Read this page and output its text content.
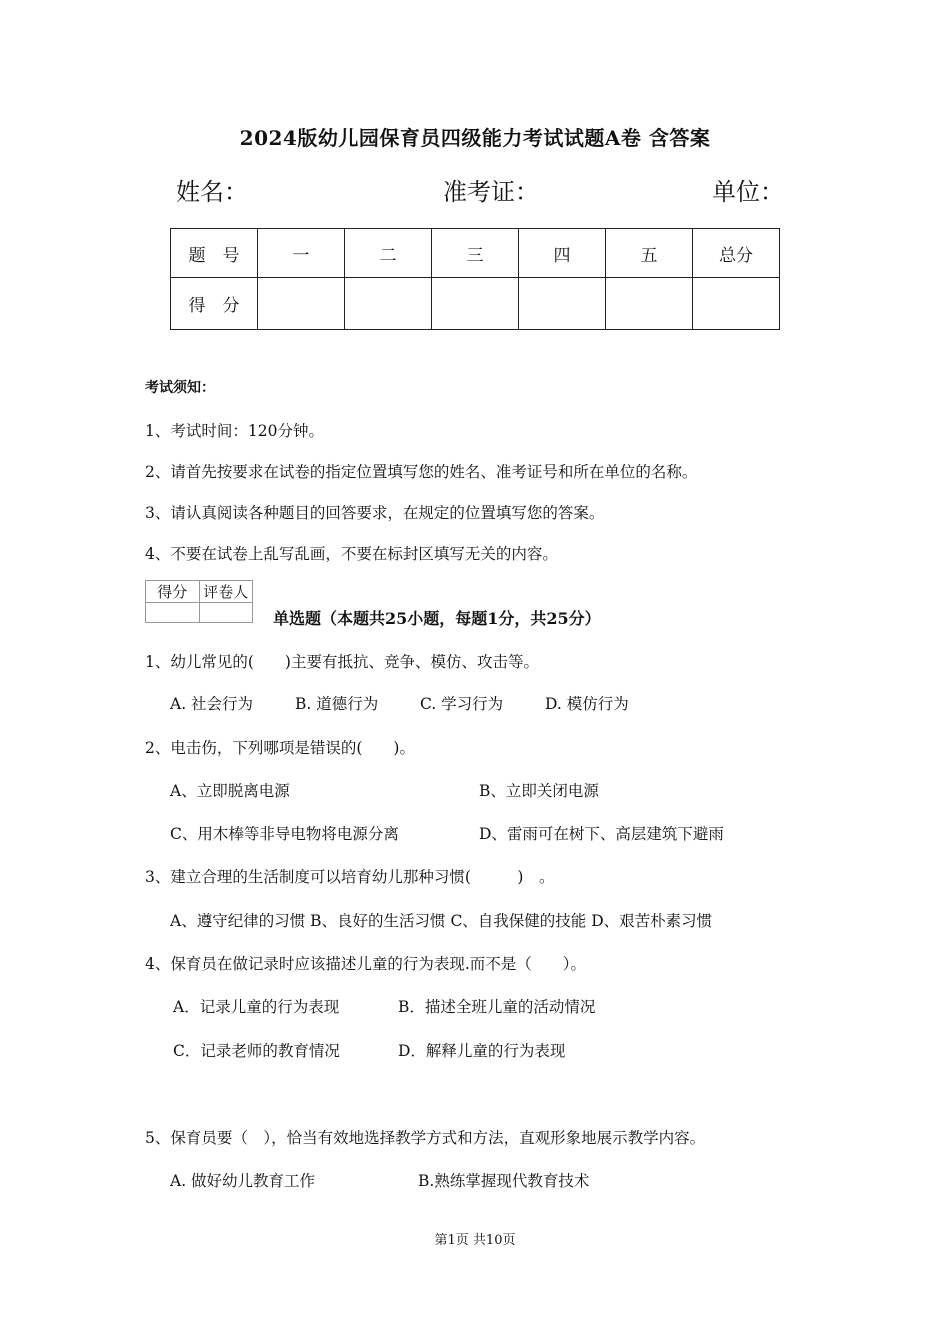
2024版幼儿园保育员四级能力考试试题A卷 含答案
姓名：	准考证：	单位：
题　号	一	二	三	四	五	总分
得　分						
考试须知：
1、考试时间：120分钟。
2、请首先按要求在试卷的指定位置填写您的姓名、准考证号和所在单位的名称。
3、请认真阅读各种题目的回答要求，在规定的位置填写您的答案。
4、不要在试卷上乱写乱画，不要在标封区填写无关的内容。
得分	评卷人

单选题（本题共25小题，每题1分，共25分）
1、幼儿常见的(　　)主要有抵抗、竞争、模仿、攻击等。
A. 社会行为	B. 道德行为	C. 学习行为	D. 模仿行为
2、电击伤，下列哪项是错误的(　　)。
A、立即脱离电源	B、立即关闭电源
C、用木棒等非导电物将电源分离	D、雷雨可在树下、高层建筑下避雨
3、建立合理的生活制度可以培育幼儿那种习惯(　　　)　。
A、遵守纪律的习惯 B、良好的生活习惯 C、自我保健的技能 D、艰苦朴素习惯
4、保育员在做记录时应该描述儿童的行为表现.而不是（　　）。
A．记录儿童的行为表现	B．描述全班儿童的活动情况
C．记录老师的教育情况	D．解释儿童的行为表现
5、保育员要（　），恰当有效地选择教学方式和方法，直观形象地展示教学内容。
A. 做好幼儿教育工作	B.熟练掌握现代教育技术
第1页 共10页
